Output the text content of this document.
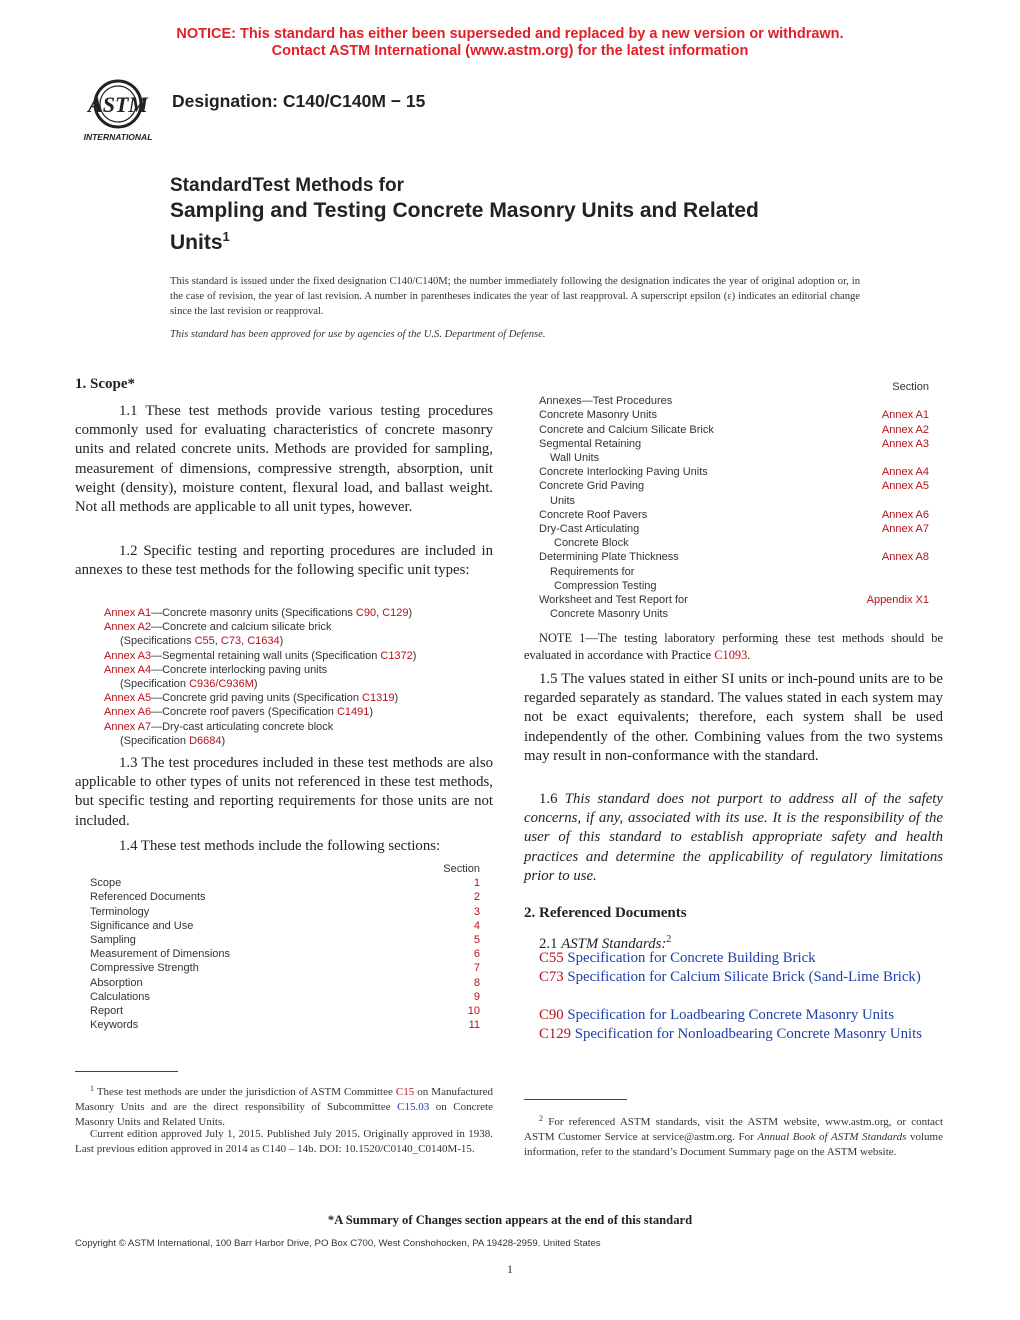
NOTICE: This standard has either been superseded and replaced by a new version or withdrawn.
Contact ASTM International (www.astm.org) for the latest information
ASTM
INTERNATIONAL
Designation: C140/C140M − 15
StandardTest Methods for
Sampling and Testing Concrete Masonry Units and Related
Units$^1$
This standard is issued under the fixed designation C140/C140M; the number immediately following the designation indicates the year of original adoption or, in the case of revision, the year of last revision. A number in parentheses indicates the year of last reapproval. A superscript epsilon (ε) indicates an editorial change since the last revision or reapproval.
This standard has been approved for use by agencies of the U.S. Department of Defense.
1. Scope*
1.1 These test methods provide various testing procedures commonly used for evaluating characteristics of concrete masonry units and related concrete units. Methods are provided for sampling, measurement of dimensions, compressive strength, absorption, unit weight (density), moisture content, flexural load, and ballast weight. Not all methods are applicable to all unit types, however.
1.2 Specific testing and reporting procedures are included in annexes to these test methods for the following specific unit types:
Annex A1—Concrete masonry units (Specifications C90, C129)
Annex A2—Concrete and calcium silicate brick
(Specifications C55, C73, C1634)
Annex A3—Segmental retaining wall units (Specification C1372)
Annex A4—Concrete interlocking paving units
(Specification C936/C936M)
Annex A5—Concrete grid paving units (Specification C1319)
Annex A6—Concrete roof pavers (Specification C1491)
Annex A7—Dry-cast articulating concrete block
(Specification D6684)
1.3 The test procedures included in these test methods are also applicable to other types of units not referenced in these test methods, but specific testing and reporting requirements for those units are not included.
1.4 These test methods include the following sections:
Section
Scope	1
Referenced Documents	2
Terminology	3
Significance and Use	4
Sampling	5
Measurement of Dimensions	6
Compressive Strength	7
Absorption	8
Calculations	9
Report	10
Keywords	11
Section
Annexes—Test Procedures
Concrete Masonry Units	Annex A1
Concrete and Calcium Silicate Brick	Annex A2
Segmental Retaining	Annex A3
Wall Units
Concrete Interlocking Paving Units	Annex A4
Concrete Grid Paving	Annex A5
Units
Concrete Roof Pavers	Annex A6
Dry-Cast Articulating	Annex A7
Concrete Block
Determining Plate Thickness	Annex A8
Requirements for
Compression Testing
Worksheet and Test Report for	Appendix X1
Concrete Masonry Units
NOTE 1—The testing laboratory performing these test methods should be evaluated in accordance with Practice C1093.
1.5 The values stated in either SI units or inch-pound units are to be regarded separately as standard. The values stated in each system may not be exact equivalents; therefore, each system shall be used independently of the other. Combining values from the two systems may result in non-conformance with the standard.
1.6 This standard does not purport to address all of the safety concerns, if any, associated with its use. It is the responsibility of the user of this standard to establish appropriate safety and health practices and determine the applicability of regulatory limitations prior to use.
2. Referenced Documents
2.1 ASTM Standards:$^2$
C55 Specification for Concrete Building Brick
C73 Specification for Calcium Silicate Brick (Sand-Lime Brick)
C90 Specification for Loadbearing Concrete Masonry Units
C129 Specification for Nonloadbearing Concrete Masonry Units
$^1$ These test methods are under the jurisdiction of ASTM Committee C15 on Manufactured Masonry Units and are the direct responsibility of Subcommittee C15.03 on Concrete Masonry Units and Related Units.
Current edition approved July 1, 2015. Published July 2015. Originally approved in 1938. Last previous edition approved in 2014 as C140 – 14b. DOI: 10.1520/C0140_C0140M-15.
$^2$ For referenced ASTM standards, visit the ASTM website, www.astm.org, or contact ASTM Customer Service at service@astm.org. For Annual Book of ASTM Standards volume information, refer to the standard’s Document Summary page on the ASTM website.
*A Summary of Changes section appears at the end of this standard
Copyright © ASTM International, 100 Barr Harbor Drive, PO Box C700, West Conshohocken, PA 19428-2959. United States
1
